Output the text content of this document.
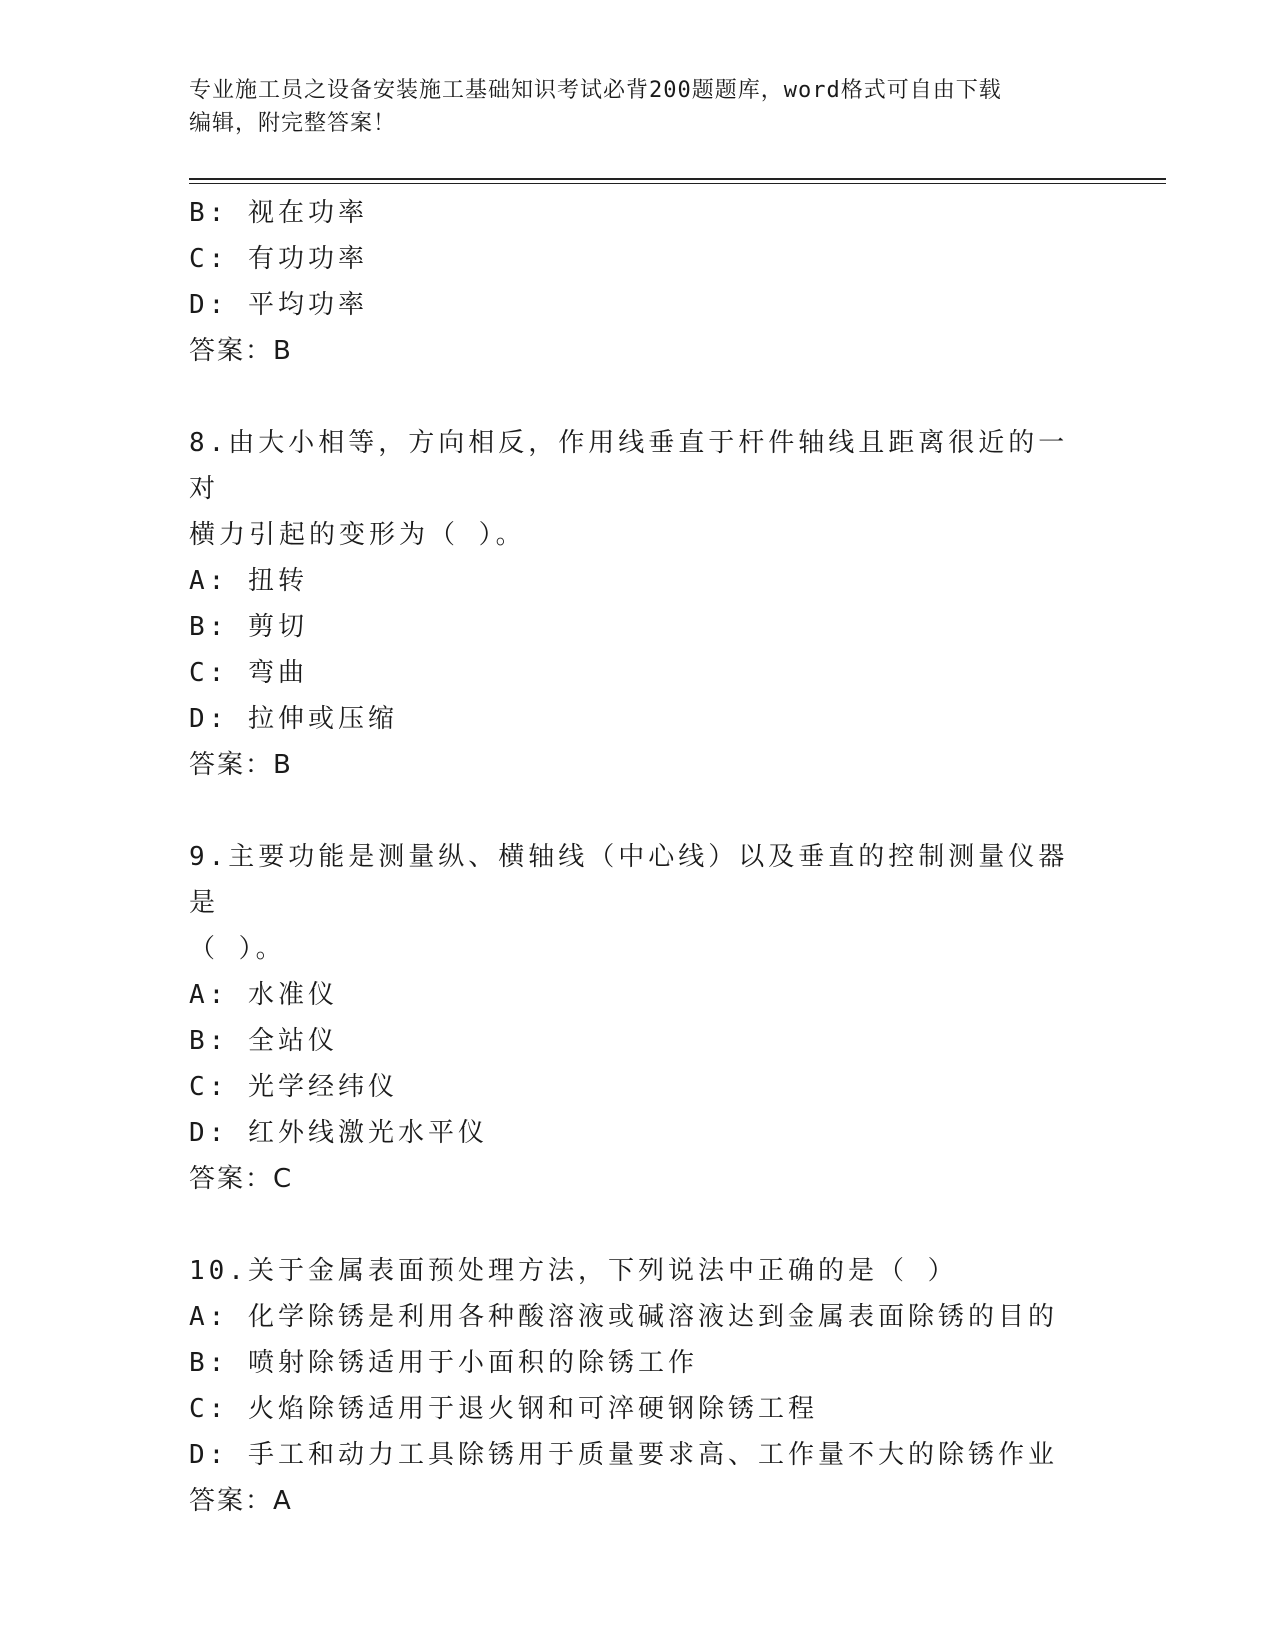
专业施工员之设备安装施工基础知识考试必背200题题库，word格式可自由下载
编辑，附完整答案！
B: 视在功率
C: 有功功率
D: 平均功率
答案：B
8.由大小相等，方向相反，作用线垂直于杆件轴线且距离很近的一对
横力引起的变形为（ ）。
A: 扭转
B: 剪切
C: 弯曲
D: 拉伸或压缩
答案：B
9.主要功能是测量纵、横轴线（中心线）以及垂直的控制测量仪器是
（ ）。
A: 水准仪
B: 全站仪
C: 光学经纬仪
D: 红外线激光水平仪
答案：C
10.关于金属表面预处理方法，下列说法中正确的是（ ）
A: 化学除锈是利用各种酸溶液或碱溶液达到金属表面除锈的目的
B: 喷射除锈适用于小面积的除锈工作
C: 火焰除锈适用于退火钢和可淬硬钢除锈工程
D: 手工和动力工具除锈用于质量要求高、工作量不大的除锈作业
答案：A
